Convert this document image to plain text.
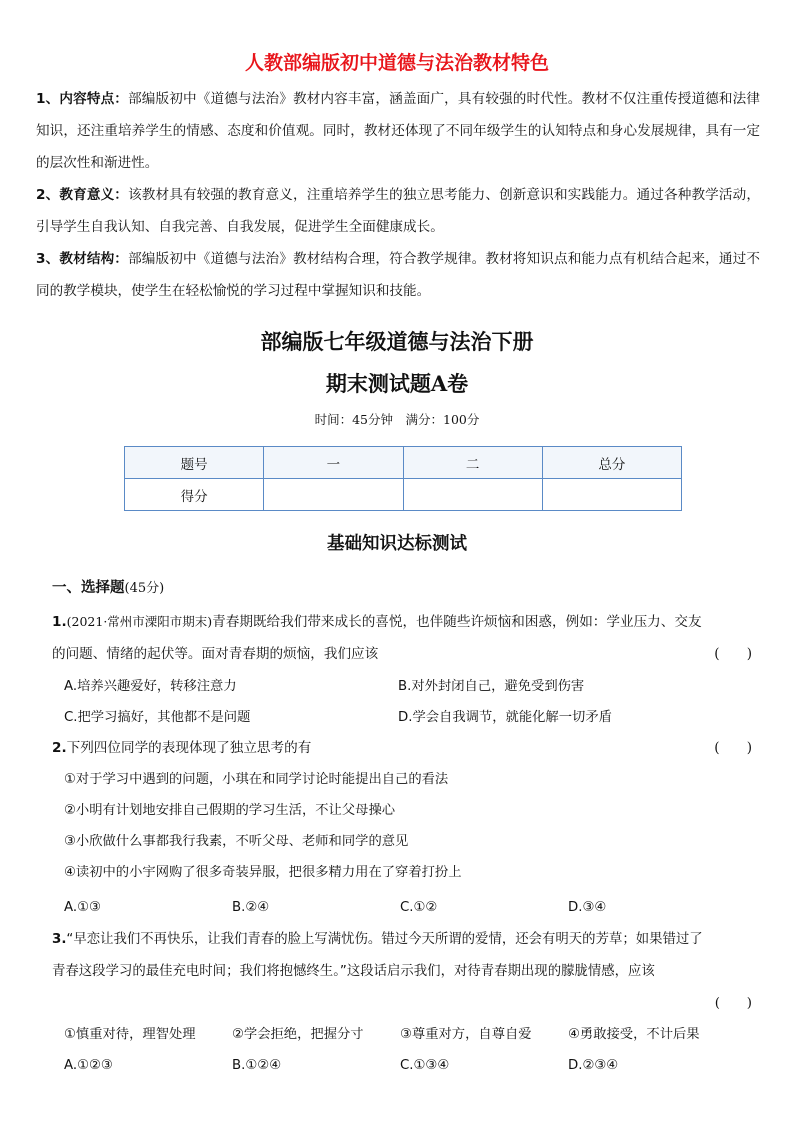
人教部编版初中道德与法治教材特色

1、内容特点：部编版初中《道德与法治》教材内容丰富，涵盖面广，具有较强的时代性。教材不仅注重传授道德和法律知识，还注重培养学生的情感、态度和价值观。同时，教材还体现了不同年级学生的认知特点和身心发展规律，具有一定的层次性和渐进性。

2、教育意义：该教材具有较强的教育意义，注重培养学生的独立思考能力、创新意识和实践能力。通过各种教学活动，引导学生自我认知、自我完善、自我发展，促进学生全面健康成长。

3、教材结构：部编版初中《道德与法治》教材结构合理，符合教学规律。教材将知识点和能力点有机结合起来，通过不同的教学模块，使学生在轻松愉悦的学习过程中掌握知识和技能。

部编版七年级道德与法治下册
期末测试题A卷
时间：45分钟　满分：100分
题号	一	二	总分
得分			
基础知识达标测试
一、选择题(45分)
1.(2021·常州市溧阳市期末)青春期既给我们带来成长的喜悦，也伴随些许烦恼和困惑，例如：学业压力、交友
的问题、情绪的起伏等。面对青春期的烦恼，我们应该	(　　)
A.培养兴趣爱好，转移注意力	B.对外封闭自己，避免受到伤害
C.把学习搞好，其他都不是问题	D.学会自我调节，就能化解一切矛盾
2.下列四位同学的表现体现了独立思考的有	(　　)
①对于学习中遇到的问题，小琪在和同学讨论时能提出自己的看法
②小明有计划地安排自己假期的学习生活，不让父母操心
③小欣做什么事都我行我素，不听父母、老师和同学的意见
④读初中的小宇网购了很多奇装异服，把很多精力用在了穿着打扮上
A.①③	B.②④	C.①②	D.③④
3.“早恋让我们不再快乐，让我们青春的脸上写满忧伤。错过今天所谓的爱情，还会有明天的芳草；如果错过了
青春这段学习的最佳充电时间；我们将抱憾终生。”这段话启示我们，对待青春期出现的朦胧情感，应该
(　　)
①慎重对待，理智处理	②学会拒绝，把握分寸	③尊重对方，自尊自爱	④勇敢接受，不计后果
A.①②③	B.①②④	C.①③④	D.②③④
